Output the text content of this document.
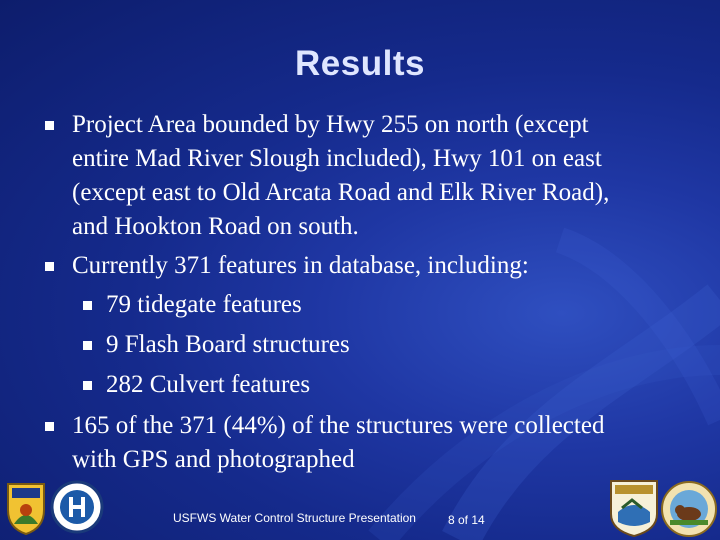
Results
Project Area bounded by Hwy 255 on north (except
entire Mad River Slough included), Hwy 101 on east
(except east to Old Arcata Road and Elk River Road),
and Hookton Road on south.
Currently 371 features in database, including:
79 tidegate features
9 Flash Board structures
282 Culvert features
165 of the 371 (44%) of the structures were collected
with GPS and photographed
USFWS Water Control Structure Presentation	8 of 14
